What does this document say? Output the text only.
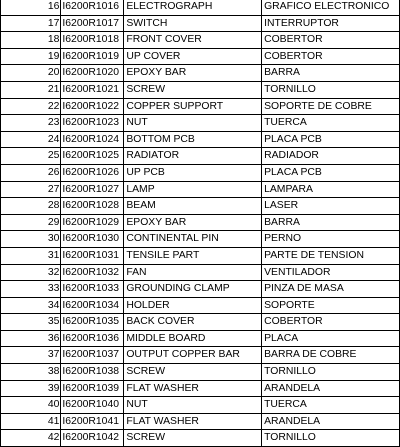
16	I6200R1016	ELECTROGRAPH	GRAFICO ELECTRONICO
17	I6200R1017	SWITCH	INTERRUPTOR
18	I6200R1018	FRONT COVER	COBERTOR
19	I6200R1019	UP COVER	COBERTOR
20	I6200R1020	EPOXY BAR	BARRA
21	I6200R1021	SCREW	TORNILLO
22	I6200R1022	COPPER SUPPORT	SOPORTE DE COBRE
23	I6200R1023	NUT	TUERCA
24	I6200R1024	BOTTOM PCB	PLACA PCB
25	I6200R1025	RADIATOR	RADIADOR
26	I6200R1026	UP PCB	PLACA PCB
27	I6200R1027	LAMP	LAMPARA
28	I6200R1028	BEAM	LASER
29	I6200R1029	EPOXY BAR	BARRA
30	I6200R1030	CONTINENTAL PIN	PERNO
31	I6200R1031	TENSILE PART	PARTE DE TENSION
32	I6200R1032	FAN	VENTILADOR
33	I6200R1033	GROUNDING CLAMP	PINZA DE MASA
34	I6200R1034	HOLDER	SOPORTE
35	I6200R1035	BACK COVER	COBERTOR
36	I6200R1036	MIDDLE BOARD	PLACA
37	I6200R1037	OUTPUT COPPER BAR	BARRA DE COBRE
38	I6200R1038	SCREW	TORNILLO
39	I6200R1039	FLAT WASHER	ARANDELA
40	I6200R1040	NUT	TUERCA
41	I6200R1041	FLAT WASHER	ARANDELA
42	I6200R1042	SCREW	TORNILLO
